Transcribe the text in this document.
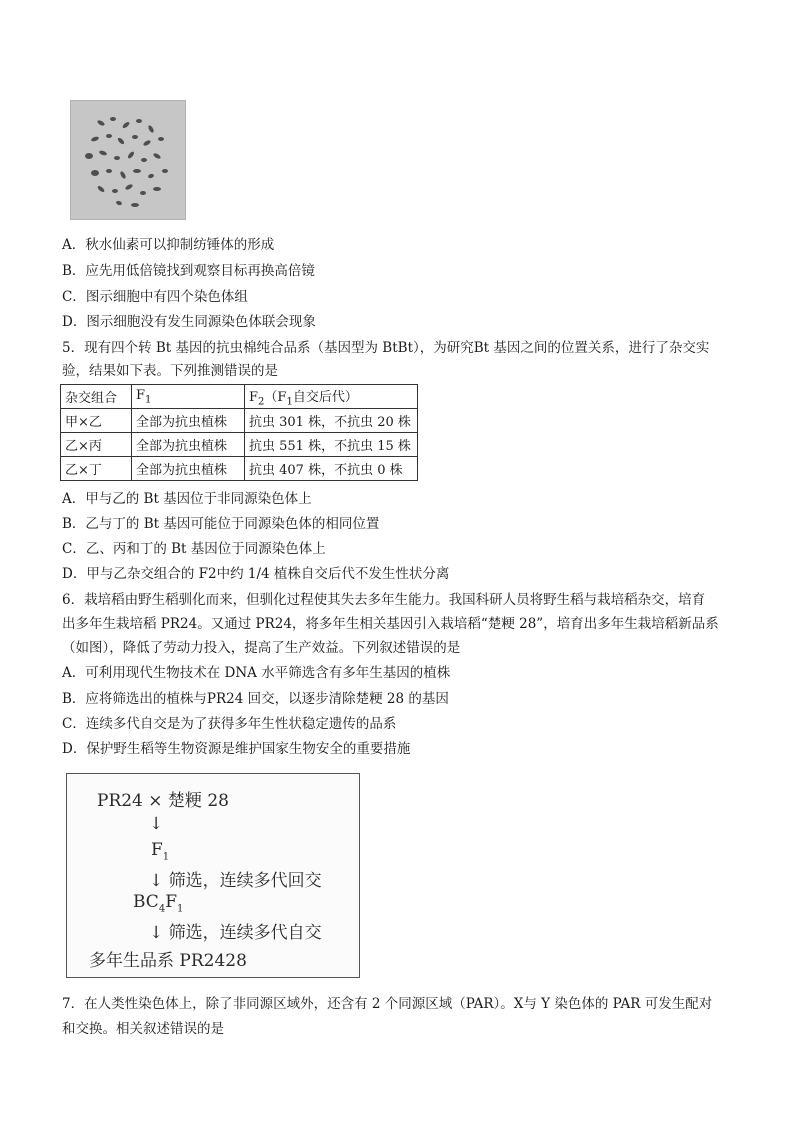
A．秋水仙素可以抑制纺锤体的形成
B．应先用低倍镜找到观察目标再换高倍镜
C．图示细胞中有四个染色体组
D．图示细胞没有发生同源染色体联会现象
5．现有四个转 Bt 基因的抗虫棉纯合品系（基因型为 BtBt），为研究Bt 基因之间的位置关系，进行了杂交实
验，结果如下表。下列推测错误的是
杂交组合	$F_1$	$F_2(F_1$自交后代）
甲×乙	全部为抗虫植株	抗虫 301 株，不抗虫 20 株
乙×丙	全部为抗虫植株	抗虫 551 株，不抗虫 15 株
乙×丁	全部为抗虫植株	抗虫 407 株，不抗虫 0 株
A．甲与乙的 Bt 基因位于非同源染色体上
B．乙与丁的 Bt 基因可能位于同源染色体的相同位置
C．乙、丙和丁的 Bt 基因位于同源染色体上
D．甲与乙杂交组合的 F2中约 1/4 植株自交后代不发生性状分离
6．栽培稻由野生稻驯化而来，但驯化过程使其失去多年生能力。我国科研人员将野生稻与栽培稻杂交，培育
出多年生栽培稻 PR24。又通过 PR24，将多年生相关基因引入栽培稻“楚粳 28”，培育出多年生栽培稻新品系
（如图），降低了劳动力投入，提高了生产效益。下列叙述错误的是
A．可利用现代生物技术在 DNA 水平筛选含有多年生基因的植株
B．应将筛选出的植株与PR24 回交，以逐步清除楚粳 28 的基因
C．连续多代自交是为了获得多年生性状稳定遗传的品系
D．保护野生稻等生物资源是维护国家生物安全的重要措施
PR24 × 楚粳 28
↓
$F_1$
↓ 筛选，连续多代回交
$BC_4F_1$
↓ 筛选，连续多代自交
多年生品系 PR2428
7．在人类性染色体上，除了非同源区域外，还含有 2 个同源区域（PAR）。X与 Y 染色体的 PAR 可发生配对
和交换。相关叙述错误的是
